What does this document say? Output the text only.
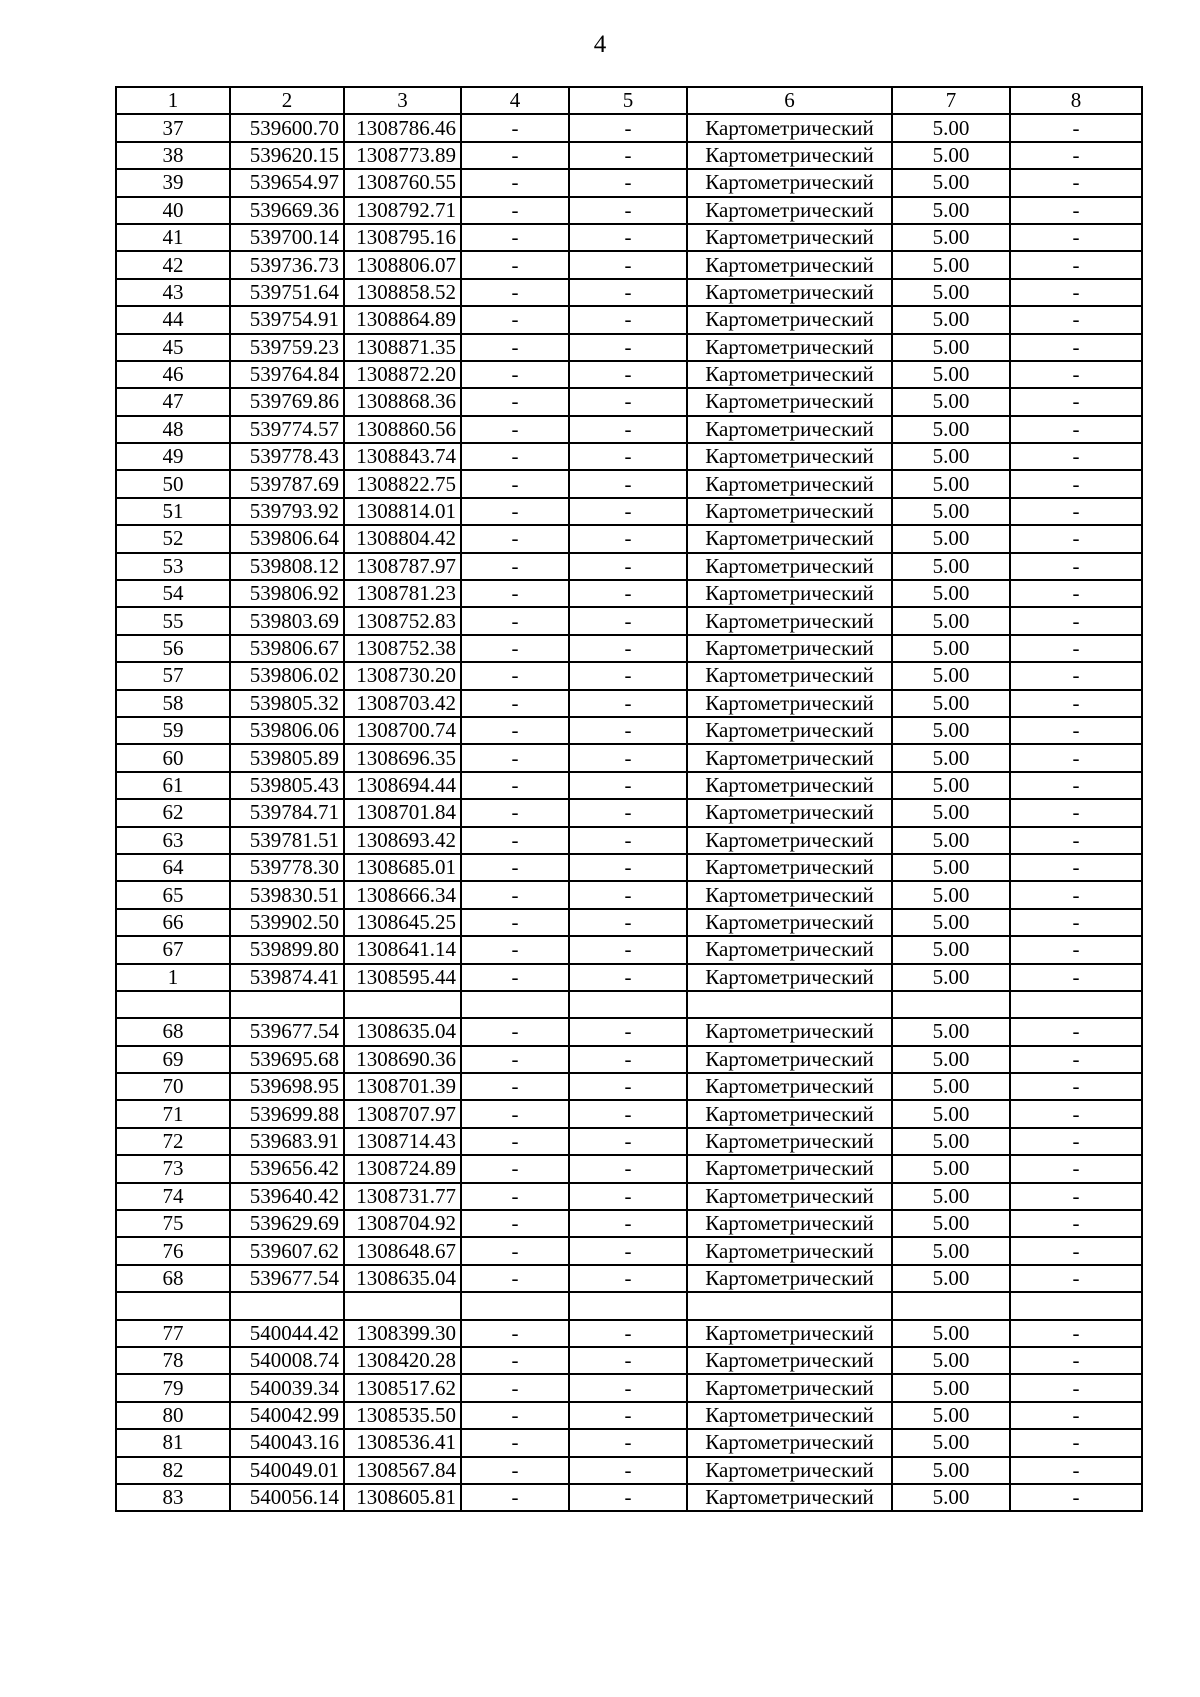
4
1	2	3	4	5	6	7	8
37	539600.70	1308786.46	-	-	Картометрический	5.00	-
38	539620.15	1308773.89	-	-	Картометрический	5.00	-
39	539654.97	1308760.55	-	-	Картометрический	5.00	-
40	539669.36	1308792.71	-	-	Картометрический	5.00	-
41	539700.14	1308795.16	-	-	Картометрический	5.00	-
42	539736.73	1308806.07	-	-	Картометрический	5.00	-
43	539751.64	1308858.52	-	-	Картометрический	5.00	-
44	539754.91	1308864.89	-	-	Картометрический	5.00	-
45	539759.23	1308871.35	-	-	Картометрический	5.00	-
46	539764.84	1308872.20	-	-	Картометрический	5.00	-
47	539769.86	1308868.36	-	-	Картометрический	5.00	-
48	539774.57	1308860.56	-	-	Картометрический	5.00	-
49	539778.43	1308843.74	-	-	Картометрический	5.00	-
50	539787.69	1308822.75	-	-	Картометрический	5.00	-
51	539793.92	1308814.01	-	-	Картометрический	5.00	-
52	539806.64	1308804.42	-	-	Картометрический	5.00	-
53	539808.12	1308787.97	-	-	Картометрический	5.00	-
54	539806.92	1308781.23	-	-	Картометрический	5.00	-
55	539803.69	1308752.83	-	-	Картометрический	5.00	-
56	539806.67	1308752.38	-	-	Картометрический	5.00	-
57	539806.02	1308730.20	-	-	Картометрический	5.00	-
58	539805.32	1308703.42	-	-	Картометрический	5.00	-
59	539806.06	1308700.74	-	-	Картометрический	5.00	-
60	539805.89	1308696.35	-	-	Картометрический	5.00	-
61	539805.43	1308694.44	-	-	Картометрический	5.00	-
62	539784.71	1308701.84	-	-	Картометрический	5.00	-
63	539781.51	1308693.42	-	-	Картометрический	5.00	-
64	539778.30	1308685.01	-	-	Картометрический	5.00	-
65	539830.51	1308666.34	-	-	Картометрический	5.00	-
66	539902.50	1308645.25	-	-	Картометрический	5.00	-
67	539899.80	1308641.14	-	-	Картометрический	5.00	-
1	539874.41	1308595.44	-	-	Картометрический	5.00	-

68	539677.54	1308635.04	-	-	Картометрический	5.00	-
69	539695.68	1308690.36	-	-	Картометрический	5.00	-
70	539698.95	1308701.39	-	-	Картометрический	5.00	-
71	539699.88	1308707.97	-	-	Картометрический	5.00	-
72	539683.91	1308714.43	-	-	Картометрический	5.00	-
73	539656.42	1308724.89	-	-	Картометрический	5.00	-
74	539640.42	1308731.77	-	-	Картометрический	5.00	-
75	539629.69	1308704.92	-	-	Картометрический	5.00	-
76	539607.62	1308648.67	-	-	Картометрический	5.00	-
68	539677.54	1308635.04	-	-	Картометрический	5.00	-

77	540044.42	1308399.30	-	-	Картометрический	5.00	-
78	540008.74	1308420.28	-	-	Картометрический	5.00	-
79	540039.34	1308517.62	-	-	Картометрический	5.00	-
80	540042.99	1308535.50	-	-	Картометрический	5.00	-
81	540043.16	1308536.41	-	-	Картометрический	5.00	-
82	540049.01	1308567.84	-	-	Картометрический	5.00	-
83	540056.14	1308605.81	-	-	Картометрический	5.00	-
